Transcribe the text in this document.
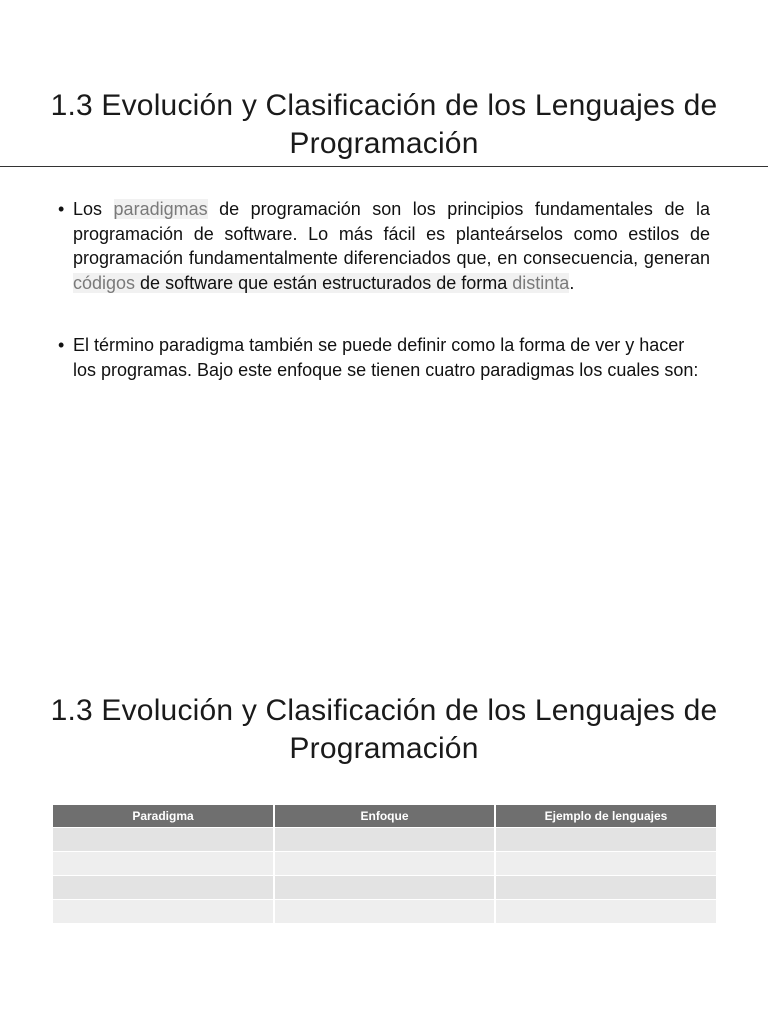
1.3 Evolución y Clasificación de los Lenguajes de
Programación
• Los paradigmas de programación son los principios fundamentales de la programación de software. Lo más fácil es planteárselos como estilos de programación fundamentalmente diferenciados que, en consecuencia, generan códigos de software que están estructurados de forma distinta.
• El término paradigma también se puede definir como la forma de ver y hacer los programas. Bajo este enfoque se tienen cuatro paradigmas los cuales son:
1.3 Evolución y Clasificación de los Lenguajes de
Programación
Paradigma	Enfoque	Ejemplo de lenguajes
